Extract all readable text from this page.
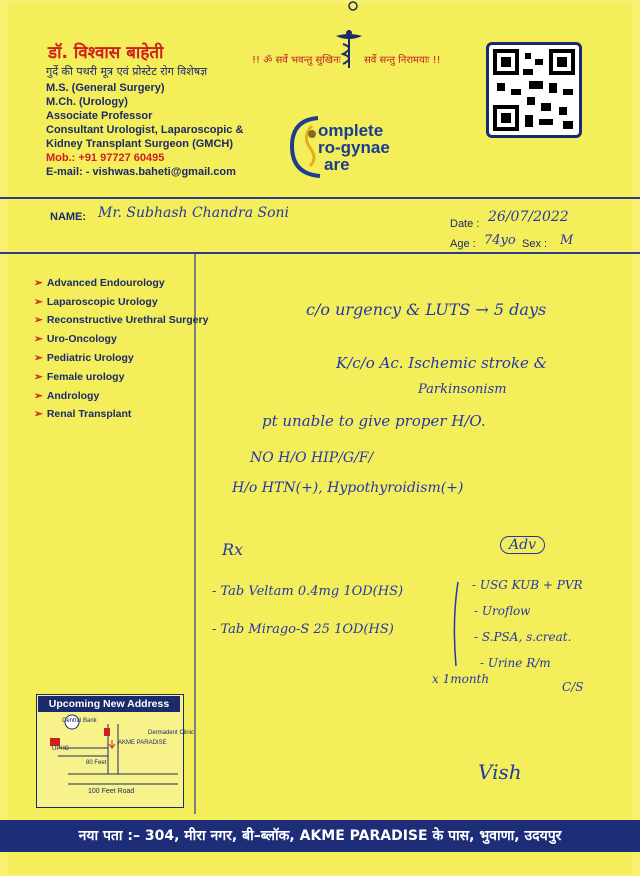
डॉ. विश्वास बाहेती
गुर्दे की पथरी मूत्र एवं प्रोस्टेट रोग विशेषज्ञ
M.S. (General Surgery)
M.Ch. (Urology)
Associate Professor
Consultant Urologist, Laparoscopic &
Kidney Transplant Surgeon (GMCH)
Mob.: +91 97727 60495
E-mail: - vishwas.baheti@gmail.com
!! ॐ सर्वे भवन्तु सुखिनः सर्वे सन्तु निरामयाः !!
omplete
ro-gynae
are
NAME: Mr. Subhash Chandra Soni
Date : 26/07/2022
Age : 74yo Sex : M
➢ Advanced Endourology
➢ Laparoscopic Urology
➢ Reconstructive Urethral Surgery
➢ Uro-Oncology
➢ Pediatric Urology
➢ Female urology
➢ Andrology
➢ Renal Transplant
Upcoming New Address
Central Bank
AKME PARADISE
Dermadent Clinic
80 Feet
100 Feet Road
UPHC
c/o urgency & LUTS → 5 days
K/c/o Ac. Ischemic stroke &
Parkinsonism
pt unable to give proper H/O.
NO H/O HIP/G/F/
H/o HTN(+), Hypothyroidism(+)
Rx
- Tab Veltam 0.4mg 1OD(HS)
- Tab Mirago-S 25 1OD(HS)
x 1month
Adv
- USG KUB + PVR
- Uroflow
- S.PSA, s.creat.
- Urine R/m
C/S
Vish
नया पता :– 304, मीरा नगर, बी–ब्लॉक, AKME PARADISE के पास, भुवाणा, उदयपुर
